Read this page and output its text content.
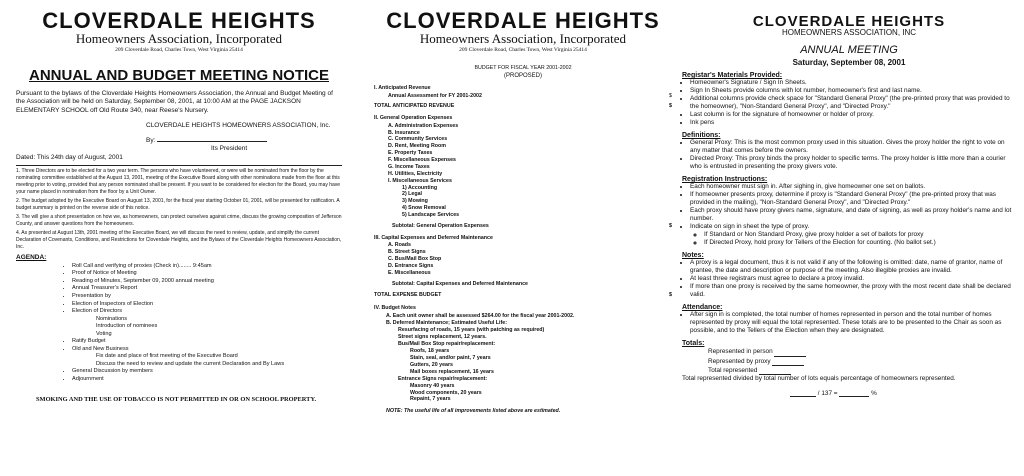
CLOVERDALE HEIGHTS
Homeowners Association, Incorporated
209 Cloverdale Road, Charles Town, West Virginia 25414
ANNUAL AND BUDGET MEETING NOTICE
Pursuant to the bylaws of the Cloverdale Heights Homeowners Association, the Annual and Budget Meeting of the Association will be held on Saturday, September 08, 2001, at 10:00 AM at the PAGE JACKSON ELEMENTARY SCHOOL off Old Route 340, near Reese's Nursery.
CLOVERDALE HEIGHTS HOMEOWNERS ASSOCIATION, Inc.
By:
Its President
Dated: This 24th day of August, 2001
1. Three Directors are to be elected for a two year term. The persons who have volunteered, or were will be nominated from the floor by the nominating committee established at the August 13, 2001, meeting of the Executive Board along with other nominations made from the floor at this meeting prior to voting, provided that any person nominated shall be present. If you want to be considered for election for the Board, you may have your name placed in nomination from the floor by a Unit Owner.
2. The budget adopted by the Executive Board on August 13, 2001, for the fiscal year starting October 01, 2001, will be presented for ratification. A budget summary is printed on the reverse side of this notice.
3. The will give a short presentation on how we, as homeowners, can protect ourselves against crime, discuss the growing composition of Jefferson County, and answer questions from the homeowners.
4. As presented at August 13th, 2001 meeting of the Executive Board, we will discuss the need to review, update, and simplify the current Declaration of Covenants, Conditions, and Restrictions for Cloverdale Heights, and the Bylaws of the Cloverdale Heights Homeowners Association, Inc.
AGENDA:
• Roll Call and verifying of proxies (Check in)........ 9:45am
• Proof of Notice of Meeting
• Reading of Minutes, September 09, 2000 annual meeting
• Annual Treasurer's Report
• Presentation by
• Election of Inspectors of Election
• Election of Directors
Nominations
Introduction of nominees
Voting
• Ratify Budget
• Old and New Business
Fix date and place of first meeting of the Executive Board
Discuss the need to review and update the current Declaration and By Laws
• General Discussion by members
• Adjournment
SMOKING AND THE USE OF TOBACCO IS NOT PERMITTED IN OR ON SCHOOL PROPERTY.
CLOVERDALE HEIGHTS
Homeowners Association, Incorporated
209 Cloverdale Road, Charles Town, West Virginia 25414
BUDGET FOR FISCAL YEAR 2001-2002
(PROPOSED)
I. Anticipated Revenue
Annual Assessment for FY 2001-2002	$
TOTAL ANTICIPATED REVENUE	$
II. General Operation Expenses
A. Administration Expenses
B. Insurance
C. Community Services
D. Rent, Meeting Room
E. Property Taxes
F. Miscellaneous Expenses
G. Income Taxes
H. Utilities, Electricity
I. Miscellaneous Services
1) Accounting
2) Legal
3) Mowing
4) Snow Removal
5) Landscape Services
Subtotal: General Operation Expenses	$
III. Capital Expenses and Deferred Maintenance
A. Roads
B. Street Signs
C. Bus/Mail Box Stop
D. Entrance Signs
E. Miscellaneous
Subtotal: Capital Expenses and Deferred Maintenance
TOTAL EXPENSE BUDGET	$
IV. Budget Notes
A. Each unit owner shall be assessed $264.00 for the fiscal year 2001-2002.
B. Deferred Maintenance; Estimated Useful Life:
Resurfacing of roads, 15 years (with patching as required)
Street signs replacement, 12 years.
Bus/Mail Box Stop repair/replacement:
Roofs, 18 years
Stain, seal, and/or paint, 7 years
Gutters, 20 years
Mail boxes replacement, 16 years
Entrance Signs repair/replacement:
Masonry 40 years
Wood components, 20 years
Repaint, 7 years
NOTE: The useful life of all improvements listed above are estimated.
CLOVERDALE HEIGHTS
HOMEOWNERS ASSOCIATION, INC
ANNUAL MEETING
Saturday, September 08, 2001
Registar's Materials Provided:
• Homeowner's Signature / Sign In Sheets.
• Sign In Sheets provide columns with lot number, homeowner's first and last name.
• Additional columns provide check space for "Standard General Proxy" (the pre-printed proxy that was provided to the homeowner), "Non-Standard General Proxy", and "Directed Proxy."
• Last column is for the signature of homeowner or holder of proxy.
• Ink pens
Definitions:
• General Proxy: This is the most common proxy used in this situation. Gives the proxy holder the right to vote on any matter that comes before the owners.
• Directed Proxy: This proxy binds the proxy holder to specific terms. The proxy holder is little more than a courier who is entrusted in presenting the proxy givers vote.
Registration Instructions:
• Each homeowner must sign in. After sighing in, give homeowner one set on ballots.
• If homeowner presents proxy, determine if proxy is "Standard General Proxy" (the pre-printed proxy that was provided in the mailing), "Non-Standard General Proxy", and "Directed Proxy."
• Each proxy should have proxy givers name, signature, and date of signing, as well as proxy holder's name and lot number.
• Indicate on sign in sheet the type of proxy.
◦ If Standard or Non Standard Proxy, give proxy holder a set of ballots for proxy
◦ If Directed Proxy, hold proxy for Tellers of the Election for counting. (No ballot set.)
Notes:
• A proxy is a legal document, thus it is not valid if any of the following is omitted: date, name of grantor, name of grantee, the date and description or purpose of the meeting. Also illegible proxies are invalid.
• At least three registrars must agree to declare a proxy invalid.
• If more than one proxy is received by the same homeowner, the proxy with the most recent date shall be declared valid.
Attendance:
• After sign in is completed, the total number of homes represented in person and the total number of homes represented by proxy will equal the total represented. These totals are to be presented to the Chair as soon as possible, and to the Tellers of the Election when they are designated.
Totals:
Represented in person
Represented by proxy
Total represented
Total represented divided by total number of lots equals percentage of homeowners represented.
/ 137 =	%
